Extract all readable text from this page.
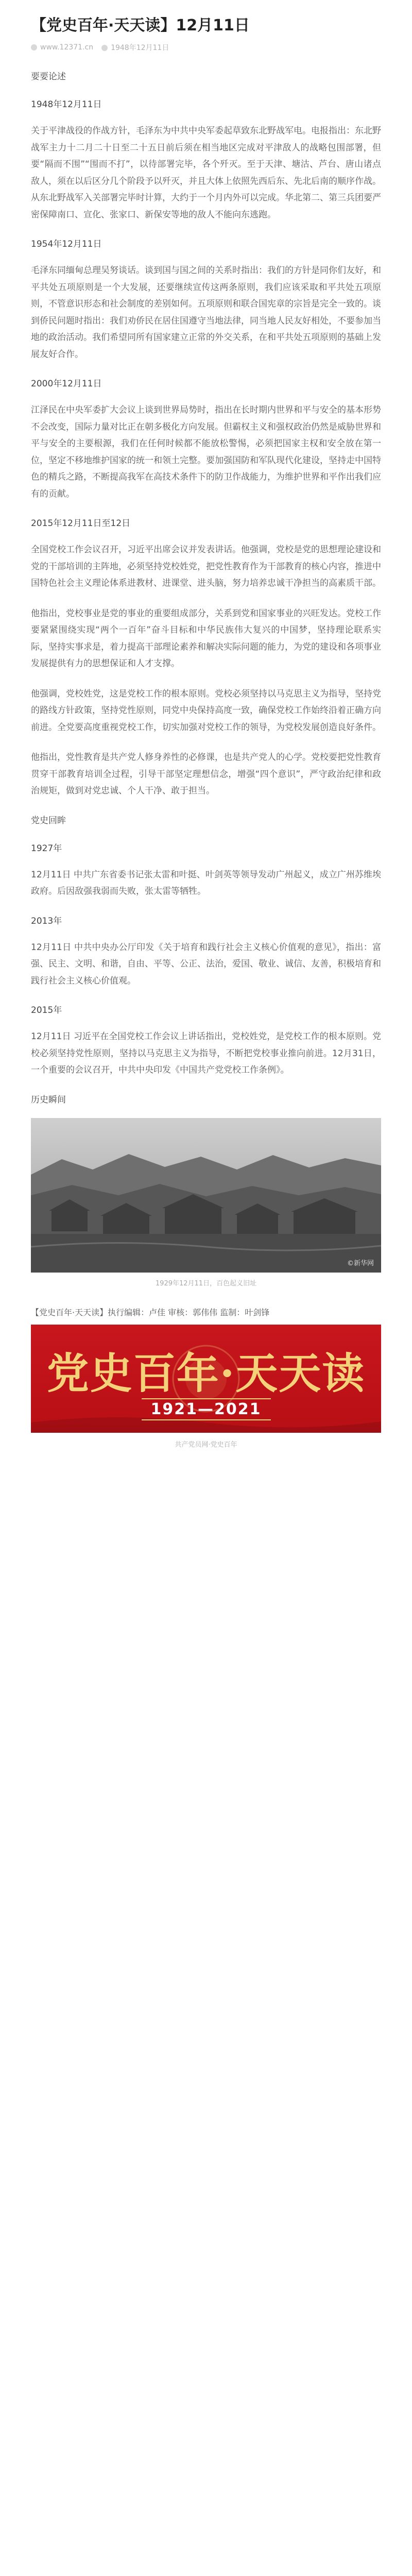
【党史百年·天天读】12月11日
www.12371.cn	1948年12月11日
要要论述
1948年12月11日

关于平津战役的作战方针，毛泽东为中共中央军委起草致东北野战军电。电报指出：东北野战军主力十二月二十日至二十五日前后须在相当地区完成对平津敌人的战略包围部署，但要“隔而不围”“围而不打”，以待部署完毕，各个歼灭。至于天津、塘沽、芦台、唐山诸点敌人，须在以后区分几个阶段予以歼灭，并且大体上依照先西后东、先北后南的顺序作战。从东北野战军入关部署完毕时计算，大约于一个月内外可以完成。华北第二、第三兵团要严密保障南口、宣化、张家口、新保安等地的敌人不能向东逃跑。

1954年12月11日

毛泽东同缅甸总理吴努谈话。谈到国与国之间的关系时指出：我们的方针是同你们友好，和平共处五项原则是一个大发展，还要继续宣传这两条原则，我们应该采取和平共处五项原则，不管意识形态和社会制度的差别如何。五项原则和联合国宪章的宗旨是完全一致的。谈到侨民问题时指出：我们劝侨民在居住国遵守当地法律，同当地人民友好相处，不要参加当地的政治活动。我们希望同所有国家建立正常的外交关系，在和平共处五项原则的基础上发展友好合作。

2000年12月11日

江泽民在中央军委扩大会议上谈到世界局势时，指出在长时期内世界和平与安全的基本形势不会改变，国际力量对比正在朝多极化方向发展。但霸权主义和强权政治仍然是威胁世界和平与安全的主要根源，我们在任何时候都不能放松警惕，必须把国家主权和安全放在第一位，坚定不移地维护国家的统一和领土完整。要加强国防和军队现代化建设，坚持走中国特色的精兵之路，不断提高我军在高技术条件下的防卫作战能力，为维护世界和平作出我们应有的贡献。

2015年12月11日至12日

全国党校工作会议召开，习近平出席会议并发表讲话。他强调，党校是党的思想理论建设和党的干部培训的主阵地，必须坚持党校姓党，把党性教育作为干部教育的核心内容，推进中国特色社会主义理论体系进教材、进课堂、进头脑，努力培养忠诚干净担当的高素质干部。

他指出，党校事业是党的事业的重要组成部分，关系到党和国家事业的兴旺发达。党校工作要紧紧围绕实现“两个一百年”奋斗目标和中华民族伟大复兴的中国梦，坚持理论联系实际，坚持实事求是，着力提高干部理论素养和解决实际问题的能力，为党的建设和各项事业发展提供有力的思想保证和人才支撑。

他强调，党校姓党，这是党校工作的根本原则。党校必须坚持以马克思主义为指导，坚持党的路线方针政策，坚持党性原则，同党中央保持高度一致，确保党校工作始终沿着正确方向前进。全党要高度重视党校工作，切实加强对党校工作的领导，为党校发展创造良好条件。

他指出，党性教育是共产党人修身养性的必修课，也是共产党人的心学。党校要把党性教育贯穿干部教育培训全过程，引导干部坚定理想信念，增强“四个意识”，严守政治纪律和政治规矩，做到对党忠诚、个人干净、敢于担当。

党史回眸
1927年

12月11日 中共广东省委书记张太雷和叶挺、叶剑英等领导发动广州起义，成立广州苏维埃政府。后因敌强我弱而失败，张太雷等牺牲。

2013年

12月11日 中共中央办公厅印发《关于培育和践行社会主义核心价值观的意见》，指出：富强、民主、文明、和谐，自由、平等、公正、法治，爱国、敬业、诚信、友善，积极培育和践行社会主义核心价值观。

2015年

12月11日 习近平在全国党校工作会议上讲话指出，党校姓党，是党校工作的根本原则。党校必须坚持党性原则，坚持以马克思主义为指导，不断把党校事业推向前进。12月31日，一个重要的会议召开，中共中央印发《中国共产党党校工作条例》。

历史瞬间
©新华网
1929年12月11日，百色起义旧址
【党史百年·天天读】执行编辑：卢佳 审核：郭伟伟 监制：叶剑锋
党史百年·天天读
1921—2021
共产党员网·党史百年
